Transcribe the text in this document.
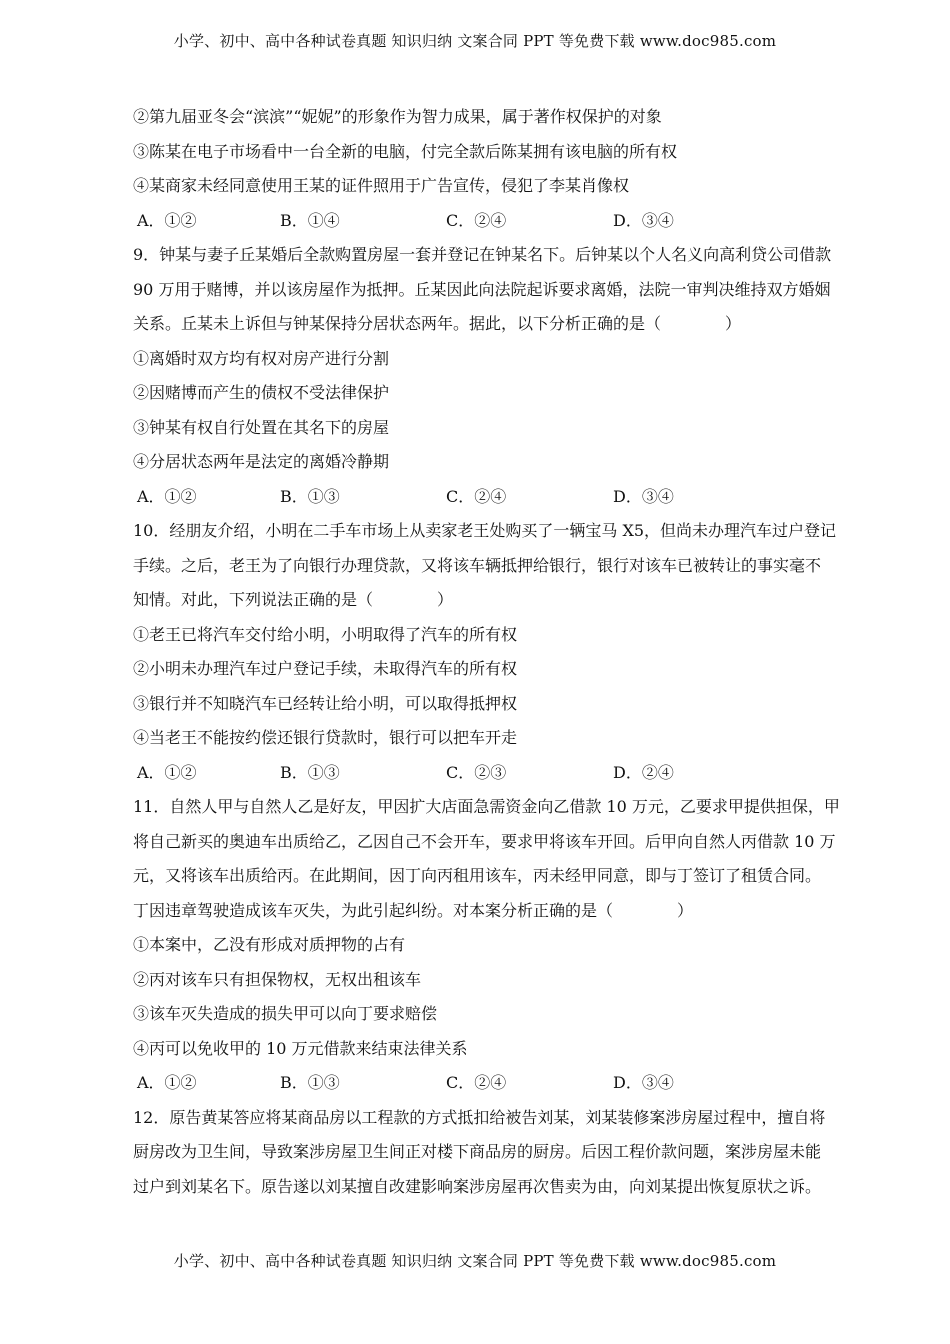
小学、初中、高中各种试卷真题 知识归纳 文案合同 PPT 等免费下载 www.doc985.com
②第九届亚冬会“滨滨”“妮妮”的形象作为智力成果，属于著作权保护的对象
③陈某在电子市场看中一台全新的电脑，付完全款后陈某拥有该电脑的所有权
④某商家未经同意使用王某的证件照用于广告宣传，侵犯了李某肖像权
A．①②	B．①④	C．②④	D．③④
9．钟某与妻子丘某婚后全款购置房屋一套并登记在钟某名下。后钟某以个人名义向高利贷公司借款
90 万用于赌博，并以该房屋作为抵押。丘某因此向法院起诉要求离婚，法院一审判决维持双方婚姻
关系。丘某未上诉但与钟某保持分居状态两年。据此，以下分析正确的是（　　　　）
①离婚时双方均有权对房产进行分割
②因赌博而产生的债权不受法律保护
③钟某有权自行处置在其名下的房屋
④分居状态两年是法定的离婚冷静期
A．①②	B．①③	C．②④	D．③④
10．经朋友介绍，小明在二手车市场上从卖家老王处购买了一辆宝马 X5，但尚未办理汽车过户登记
手续。之后，老王为了向银行办理贷款，又将该车辆抵押给银行，银行对该车已被转让的事实毫不
知情。对此，下列说法正确的是（　　　　）
①老王已将汽车交付给小明，小明取得了汽车的所有权
②小明未办理汽车过户登记手续，未取得汽车的所有权
③银行并不知晓汽车已经转让给小明，可以取得抵押权
④当老王不能按约偿还银行贷款时，银行可以把车开走
A．①②	B．①③	C．②③	D．②④
11．自然人甲与自然人乙是好友，甲因扩大店面急需资金向乙借款 10 万元，乙要求甲提供担保，甲
将自己新买的奥迪车出质给乙，乙因自己不会开车，要求甲将该车开回。后甲向自然人丙借款 10 万
元，又将该车出质给丙。在此期间，因丁向丙租用该车，丙未经甲同意，即与丁签订了租赁合同。
丁因违章驾驶造成该车灭失，为此引起纠纷。对本案分析正确的是（　　　　）
①本案中，乙没有形成对质押物的占有
②丙对该车只有担保物权，无权出租该车
③该车灭失造成的损失甲可以向丁要求赔偿
④丙可以免收甲的 10 万元借款来结束法律关系
A．①②	B．①③	C．②④	D．③④
12．原告黄某答应将某商品房以工程款的方式抵扣给被告刘某，刘某装修案涉房屋过程中，擅自将
厨房改为卫生间，导致案涉房屋卫生间正对楼下商品房的厨房。后因工程价款问题，案涉房屋未能
过户到刘某名下。原告遂以刘某擅自改建影响案涉房屋再次售卖为由，向刘某提出恢复原状之诉。
小学、初中、高中各种试卷真题 知识归纳 文案合同 PPT 等免费下载 www.doc985.com
